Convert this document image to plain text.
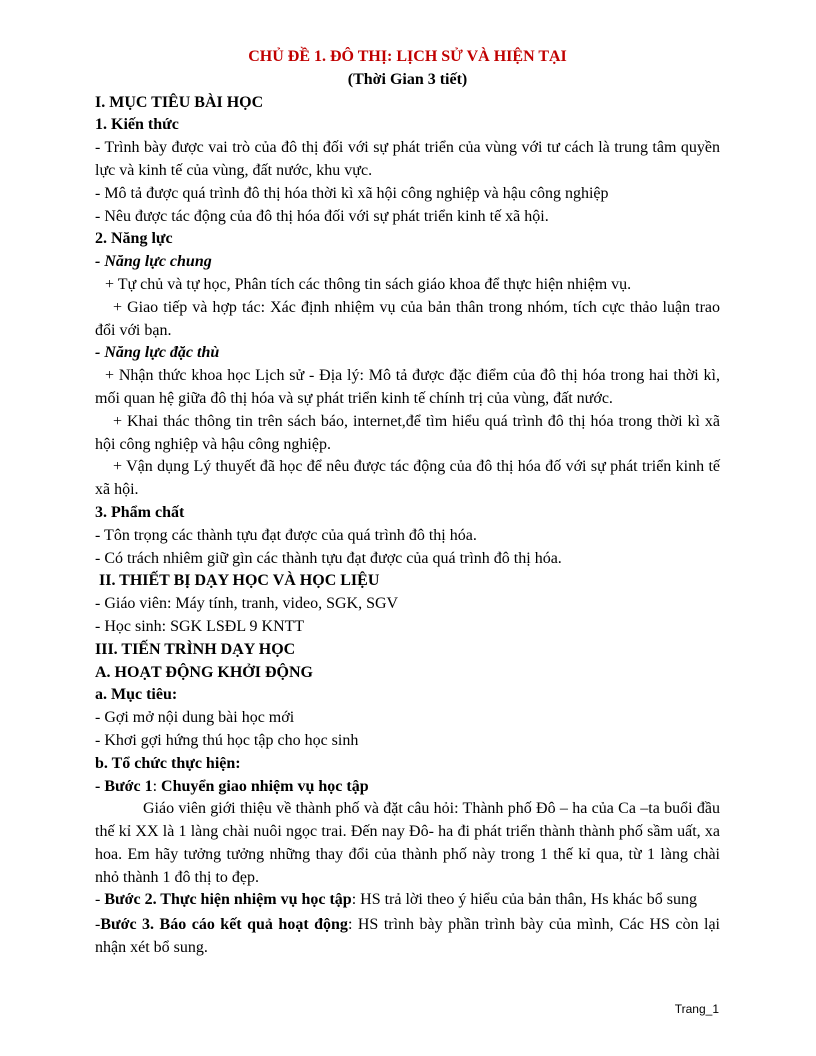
CHỦ ĐỀ 1. ĐÔ THỊ: LỊCH SỬ VÀ HIỆN TẠI

(Thời Gian 3 tiết)

I. MỤC TIÊU BÀI HỌC

1. Kiến thức

- Trình bày được vai trò của đô thị đối với sự phát triển của vùng với tư cách là trung tâm quyền lực và kinh tế của vùng, đất nước, khu vực.

- Mô tả được quá trình đô thị hóa thời kì xã hội công nghiệp và hậu công nghiệp

- Nêu được tác động của đô thị hóa đối với sự phát triển kinh tế xã hội.

2. Năng lực

- Năng lực chung

+ Tự chủ và tự học, Phân tích các thông tin sách giáo khoa để thực hiện nhiệm vụ.

+ Giao tiếp và hợp tác: Xác định nhiệm vụ của bản thân trong nhóm, tích cực thảo luận trao đổi với bạn.

- Năng lực đặc thù

+ Nhận thức khoa học Lịch sử - Địa lý: Mô tả được đặc điểm của đô thị hóa trong hai thời kì, mối quan hệ giữa đô thị hóa và sự phát triển kinh tế chính trị của vùng, đất nước.

+ Khai thác thông tin trên sách báo, internet,để tìm hiểu quá trình đô thị hóa trong thời kì xã hội công nghiệp và hậu công nghiệp.

+ Vận dụng Lý thuyết đã học để nêu được tác động của đô thị hóa đố với sự phát triển kinh tế xã hội.

3. Phẩm chất

- Tôn trọng các thành tựu đạt được của quá trình đô thị hóa.

- Có trách nhiêm giữ gìn các thành tựu đạt được của quá trình đô thị hóa.

II. THIẾT BỊ DẠY HỌC VÀ HỌC LIỆU

- Giáo viên: Máy tính, tranh, video, SGK, SGV

- Học sinh: SGK LSĐL 9 KNTT

III. TIẾN TRÌNH DẠY HỌC

A. HOẠT ĐỘNG KHỞI ĐỘNG

a. Mục tiêu:

- Gợi mở nội dung bài học mới

- Khơi gợi hứng thú học tập cho học sinh

b. Tổ chức thực hiện:

- Bước 1: Chuyển giao nhiệm vụ học tập

Giáo viên giới thiệu về thành phố và đặt câu hỏi: Thành phố Đô – ha của Ca –ta buổi đầu thế kỉ XX là 1 làng chài nuôi ngọc trai. Đến nay Đô- ha đi phát triển thành thành phố sầm uất, xa hoa. Em hãy tưởng tưởng những thay đổi của thành phố này trong 1 thế kỉ qua, từ 1 làng chài nhỏ thành 1 đô thị to đẹp.

- Bước 2. Thực hiện nhiệm vụ học tập: HS trả lời theo ý hiểu của bản thân, Hs khác bổ sung

-Bước 3. Báo cáo kết quả hoạt động: HS trình bày phần trình bày của mình, Các HS còn lại nhận xét bổ sung.

Trang_1
